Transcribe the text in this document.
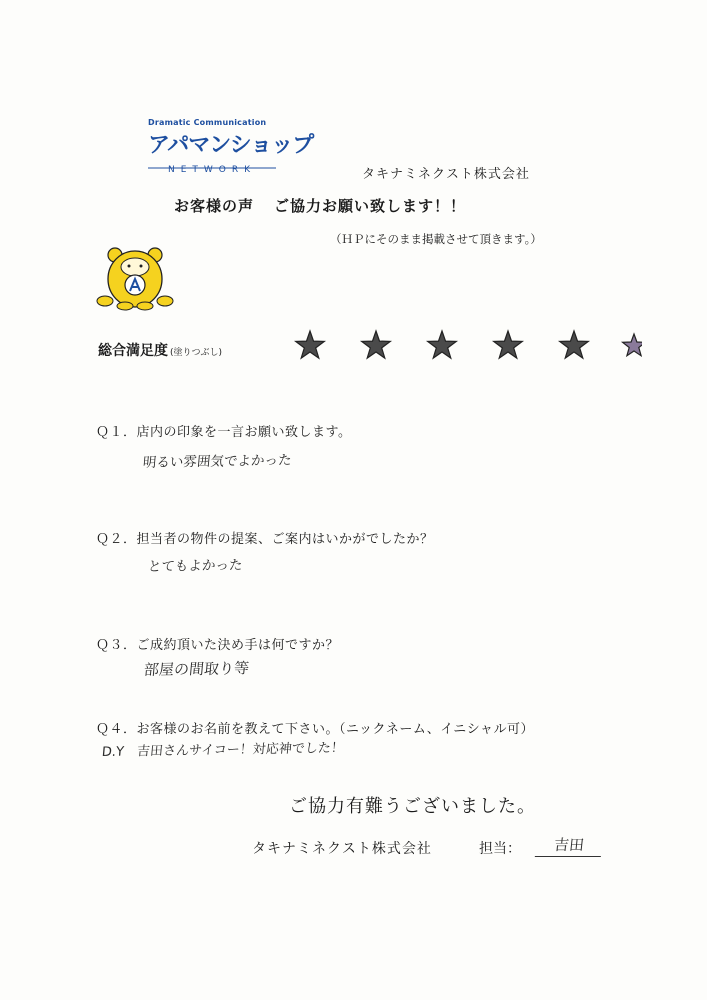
Dramatic Communication
アパマンショップ
NETWORK	タキナミネクスト株式会社
お客様の声 ご協力お願い致します！！
（ＨＰにそのまま掲載させて頂きます。）
総合満足度 (塗りつぶし)
Ｑ１．店内の印象を一言お願い致します。
明るい雰囲気でよかった
Ｑ２．担当者の物件の提案、ご案内はいかがでしたか？
とてもよかった
Ｑ３．ご成約頂いた決め手は何ですか？
部屋の間取り等
Ｑ４．お客様のお名前を教えて下さい。（ニックネーム、イニシャル可）
D.Y　吉田さんサイコー！対応神でした！
ご協力有難うございました。
タキナミネクスト株式会社	担当：	吉田
